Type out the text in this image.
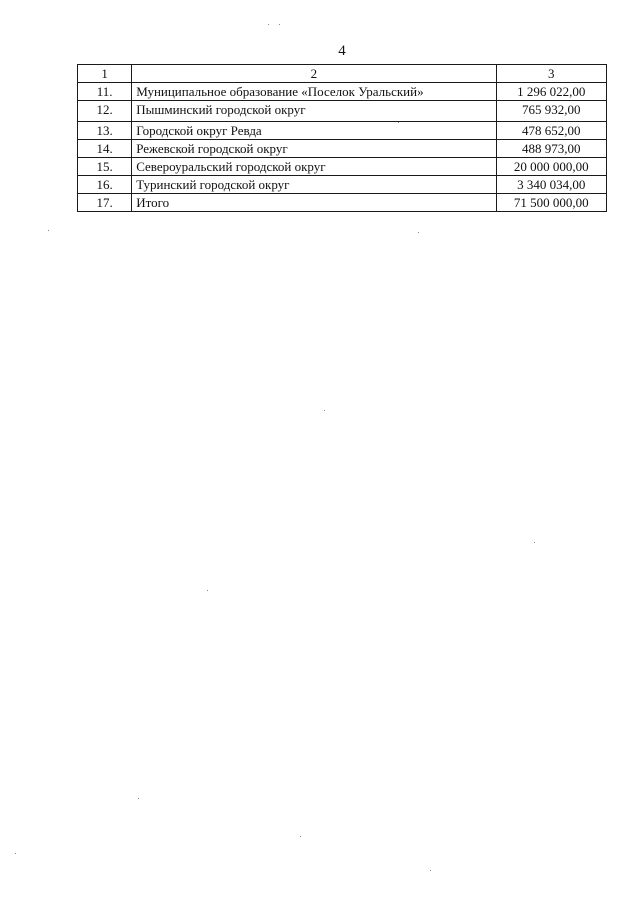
4
1	2	3
11.	Муниципальное образование «Поселок Уральский»	1 296 022,00
12.	Пышминский городской округ	765 932,00
13.	Городской округ Ревда	478 652,00
14.	Режевской городской округ	488 973,00
15.	Североуральский городской округ	20 000 000,00
16.	Туринский городской округ	3 340 034,00
17.	Итого	71 500 000,00
